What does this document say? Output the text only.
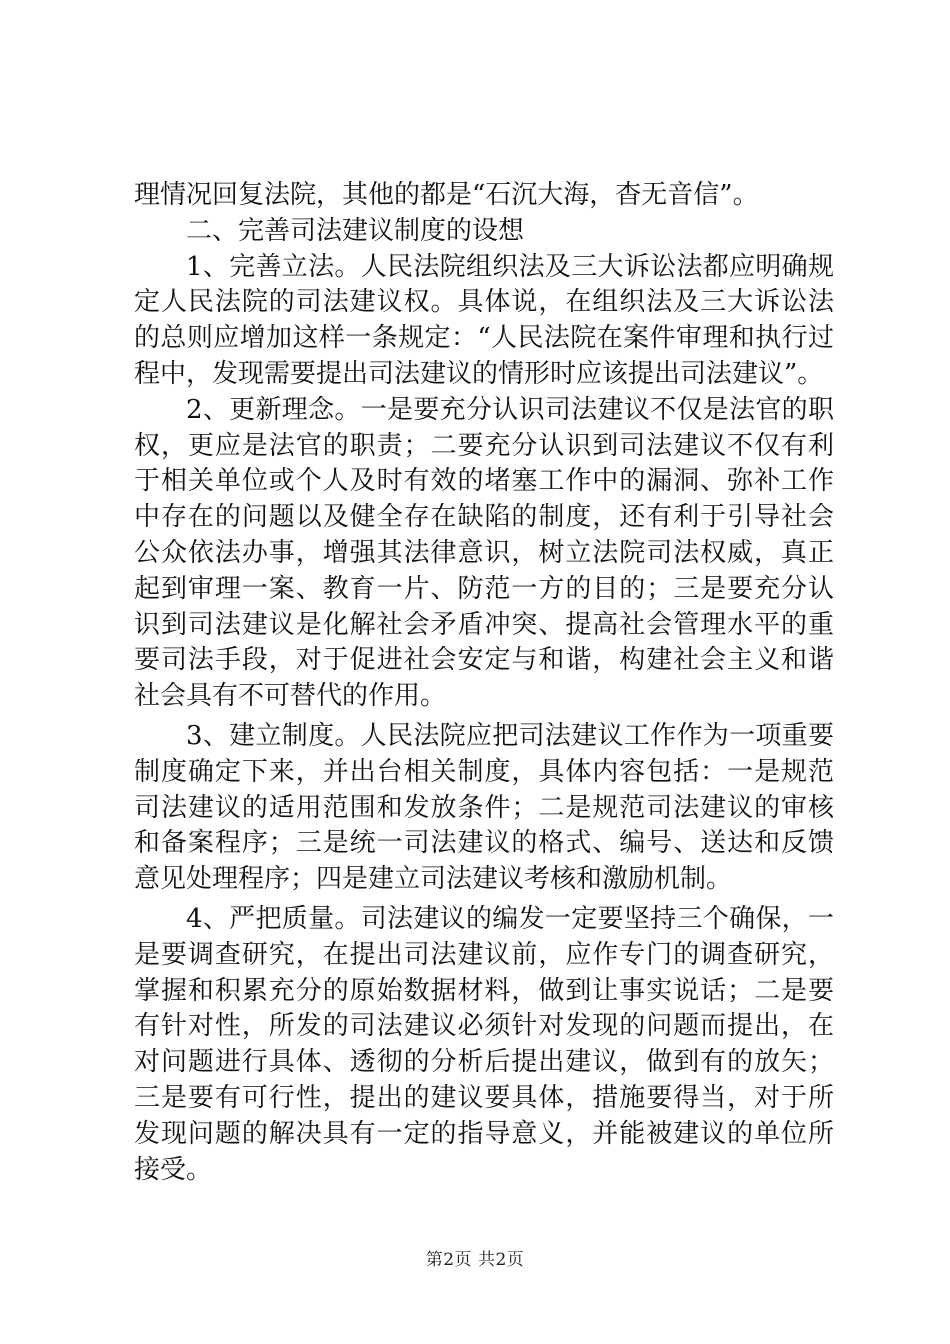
理情况回复法院，其他的都是“石沉大海，杳无音信”。

二、完善司法建议制度的设想

1、完善立法。人民法院组织法及三大诉讼法都应明确规定人民法院的司法建议权。具体说，在组织法及三大诉讼法的总则应增加这样一条规定：“人民法院在案件审理和执行过程中，发现需要提出司法建议的情形时应该提出司法建议”。

2、更新理念。一是要充分认识司法建议不仅是法官的职权，更应是法官的职责；二要充分认识到司法建议不仅有利于相关单位或个人及时有效的堵塞工作中的漏洞、弥补工作中存在的问题以及健全存在缺陷的制度，还有利于引导社会公众依法办事，增强其法律意识，树立法院司法权威，真正起到审理一案、教育一片、防范一方的目的；三是要充分认识到司法建议是化解社会矛盾冲突、提高社会管理水平的重要司法手段，对于促进社会安定与和谐，构建社会主义和谐社会具有不可替代的作用。

3、建立制度。人民法院应把司法建议工作作为一项重要制度确定下来，并出台相关制度，具体内容包括：一是规范司法建议的适用范围和发放条件；二是规范司法建议的审核和备案程序；三是统一司法建议的格式、编号、送达和反馈意见处理程序；四是建立司法建议考核和激励机制。

4、严把质量。司法建议的编发一定要坚持三个确保，一是要调查研究，在提出司法建议前，应作专门的调查研究，掌握和积累充分的原始数据材料，做到让事实说话；二是要有针对性，所发的司法建议必须针对发现的问题而提出，在对问题进行具体、透彻的分析后提出建议，做到有的放矢；三是要有可行性，提出的建议要具体，措施要得当，对于所发现问题的解决具有一定的指导意义，并能被建议的单位所接受。

第2页 共2页
